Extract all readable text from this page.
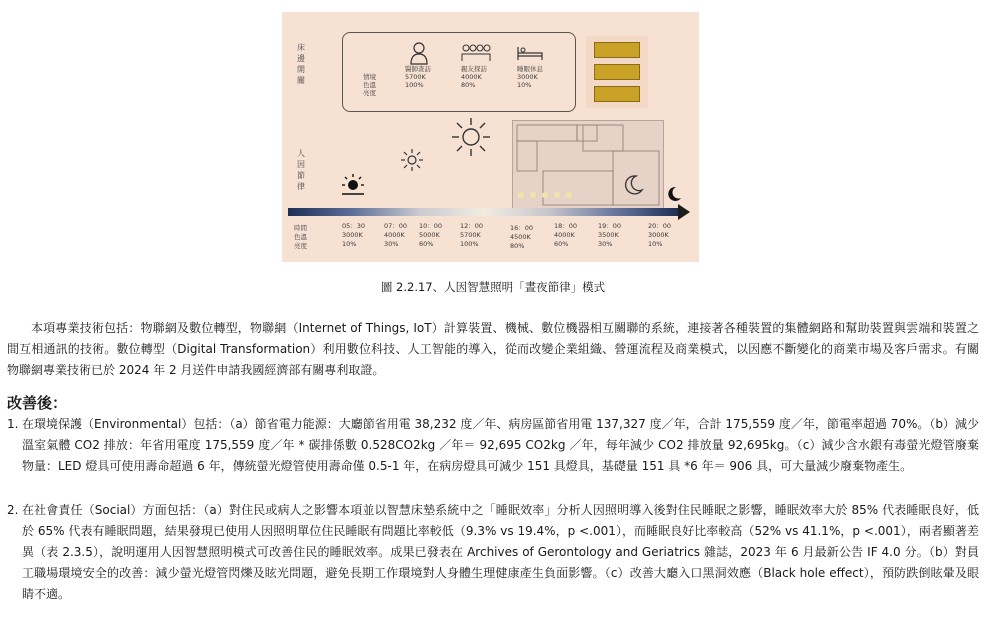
床邊開關
人因節律
情境
色溫
亮度
醫師查訪
5700K
100%
親友探訪
4000K
80%
睡眠休息
3000K
10%
時間
色溫
亮度
05：30
3000K
10%
07：00
4000K
30%
10：00
5000K
60%
12：00
5700K
100%
16：00
4500K
80%
18：00
4000K
60%
19：00
3500K
30%
20：00
3000K
10%
圖 2.2.17、人因智慧照明「晝夜節律」模式

本項專業技術包括：物聯網及數位轉型，物聯網（Internet of Things, IoT）計算裝置、機械、數位機器相互關聯的系統，連接著各種裝置的集體網路和幫助裝置與雲端和裝置之間互相通訊的技術。數位轉型（Digital Transformation）利用數位科技、人工智能的導入，從而改變企業組織、營運流程及商業模式，以因應不斷變化的商業市場及客戶需求。有關物聯網專業技術已於 2024 年 2 月送件申請我國經濟部有關專利取證。

改善後：
1. 在環境保護（Environmental）包括：（a）節省電力能源：大廳節省用電 38,232 度／年、病房區節省用電 137,327 度／年，合計 175,559 度／年，節電率超過 70%。（b）減少溫室氣體 CO2 排放：年省用電度 175,559 度／年 * 碳排係數 0.528CO2kg ／年＝ 92,695 CO2kg ／年，每年減少 CO2 排放量 92,695kg。（c）減少含水銀有毒螢光燈管廢棄物量：LED 燈具可使用壽命超過 6 年，傳統螢光燈管使用壽命僅 0.5-1 年，在病房燈具可減少 151 具燈具，基礎量 151 具 *6 年＝ 906 具，可大量減少廢棄物產生。
2. 在社會責任（Social）方面包括：（a）對住民或病人之影響本項並以智慧床墊系統中之「睡眠效率」分析人因照明導入後對住民睡眠之影響，睡眠效率大於 85% 代表睡眠良好，低於 65% 代表有睡眠問題，結果發現已使用人因照明單位住民睡眠有問題比率較低（9.3% vs 19.4%，p <.001），而睡眠良好比率較高（52% vs 41.1%，p <.001），兩者顯著差異（表 2.3.5），說明運用人因智慧照明模式可改善住民的睡眠效率。成果已發表在 Archives of Gerontology and Geriatrics 雜誌，2023 年 6 月最新公告 IF 4.0 分。（b）對員工職場環境安全的改善：減少螢光燈管閃爍及眩光問題，避免長期工作環境對人身體生理健康產生負面影響。（c）改善大廳入口黑洞效應（Black hole effect），預防跌倒眩暈及眼睛不適。
